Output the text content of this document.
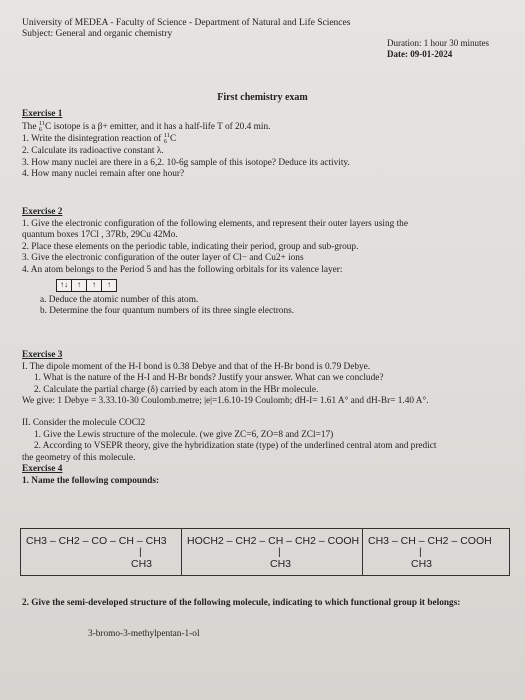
University of MEDEA - Faculty of Science - Department of Natural and Life Sciences
Subject: General and organic chemistry
Duration: 1 hour 30 minutes
Date: 09-01-2024
First chemistry exam
Exercise 1
The 11
6 C isotope is a β+ emitter, and it has a half-life T of 20.4 min.
1. Write the disintegration reaction of 11
6 C
2. Calculate its radioactive constant λ.
3. How many nuclei are there in a 6,2. 10-6g sample of this isotope? Deduce its activity.
4. How many nuclei remain after one hour?
Exercise 2
1. Give the electronic configuration of the following elements, and represent their outer layers using the
quantum boxes 17Cl , 37Rb, 29Cu 42Mo.
2. Place these elements on the periodic table, indicating their period, group and sub-group.
3. Give the electronic configuration of the outer layer of Cl− and Cu2+ ions
4. An atom belongs to the Period 5 and has the following orbitals for its valence layer:
↑↓	↑	↑	↑
a. Deduce the atomic number of this atom.
b. Determine the four quantum numbers of its three single electrons.
Exercise 3
I. The dipole moment of the H-I bond is 0.38 Debye and that of the H-Br bond is 0.79 Debye.
1. What is the nature of the H-I and H-Br bonds? Justify your answer. What can we conclude?
2. Calculate the partial charge (δ) carried by each atom in the HBr molecule.
We give: 1 Debye = 3.33.10-30 Coulomb.metre; |e|=1.6.10-19 Coulomb; dH-I= 1.61 A° and dH-Br= 1.40 A°.
II. Consider the molecule COCl2
1. Give the Lewis structure of the molecule. (we give ZC=6, ZO=8 and ZCl=17)
2. According to VSEPR theory, give the hybridization state (type) of the underlined central atom and predict
the geometry of this molecule.
Exercise 4
1. Name the following compounds:
CH3 – CH2 – CO – CH – CH3
|
CH3

HOCH2 – CH2 – CH – CH2 – COOH
|
CH3

CH3 – CH – CH2 – COOH
|
CH3
2. Give the semi-developed structure of the following molecule, indicating to which functional group it belongs:
3-bromo-3-methylpentan-1-ol
